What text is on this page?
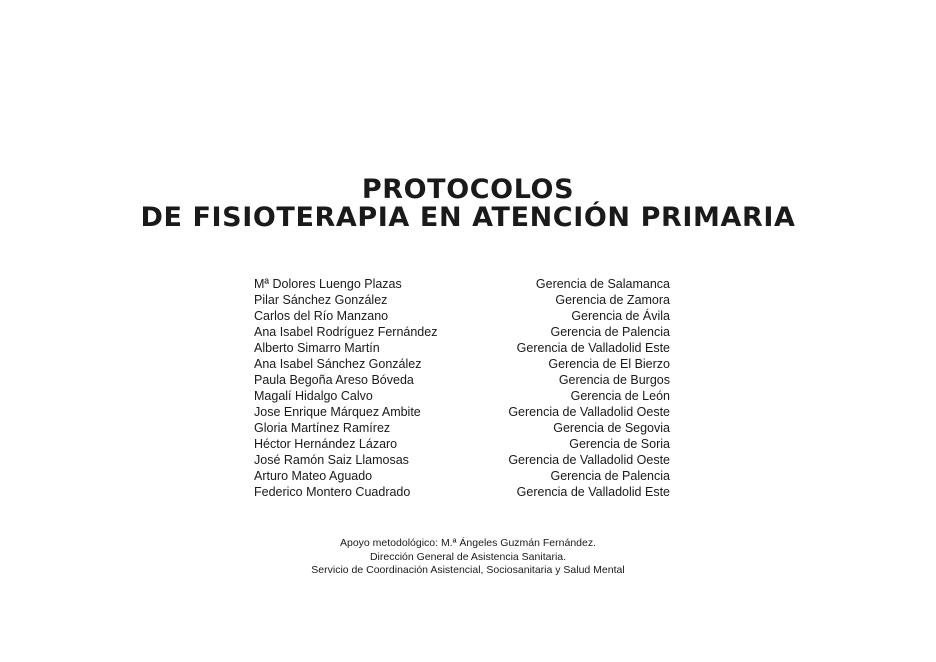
PROTOCOLOS
DE FISIOTERAPIA EN ATENCIÓN PRIMARIA
Mª Dolores Luengo Plazas	Gerencia de Salamanca
Pilar Sánchez González	Gerencia de Zamora
Carlos del Río Manzano	Gerencia de Ávila
Ana Isabel Rodríguez Fernández	Gerencia de Palencia
Alberto Simarro Martín	Gerencia de Valladolid Este
Ana Isabel Sánchez González	Gerencia de El Bierzo
Paula Begoña Areso Bóveda	Gerencia de Burgos
Magalí Hidalgo Calvo	Gerencia de León
Jose Enrique Márquez Ambite	Gerencia de Valladolid Oeste
Gloria Martínez Ramírez	Gerencia de Segovia
Héctor Hernández Lázaro	Gerencia de Soria
José Ramón Saiz Llamosas	Gerencia de Valladolid Oeste
Arturo Mateo Aguado	Gerencia de Palencia
Federico Montero Cuadrado	Gerencia de Valladolid Este
Apoyo metodológico: M.ª Ángeles Guzmán Fernández.
Dirección General de Asistencia Sanitaria.
Servicio de Coordinación Asistencial, Sociosanitaria y Salud Mental
